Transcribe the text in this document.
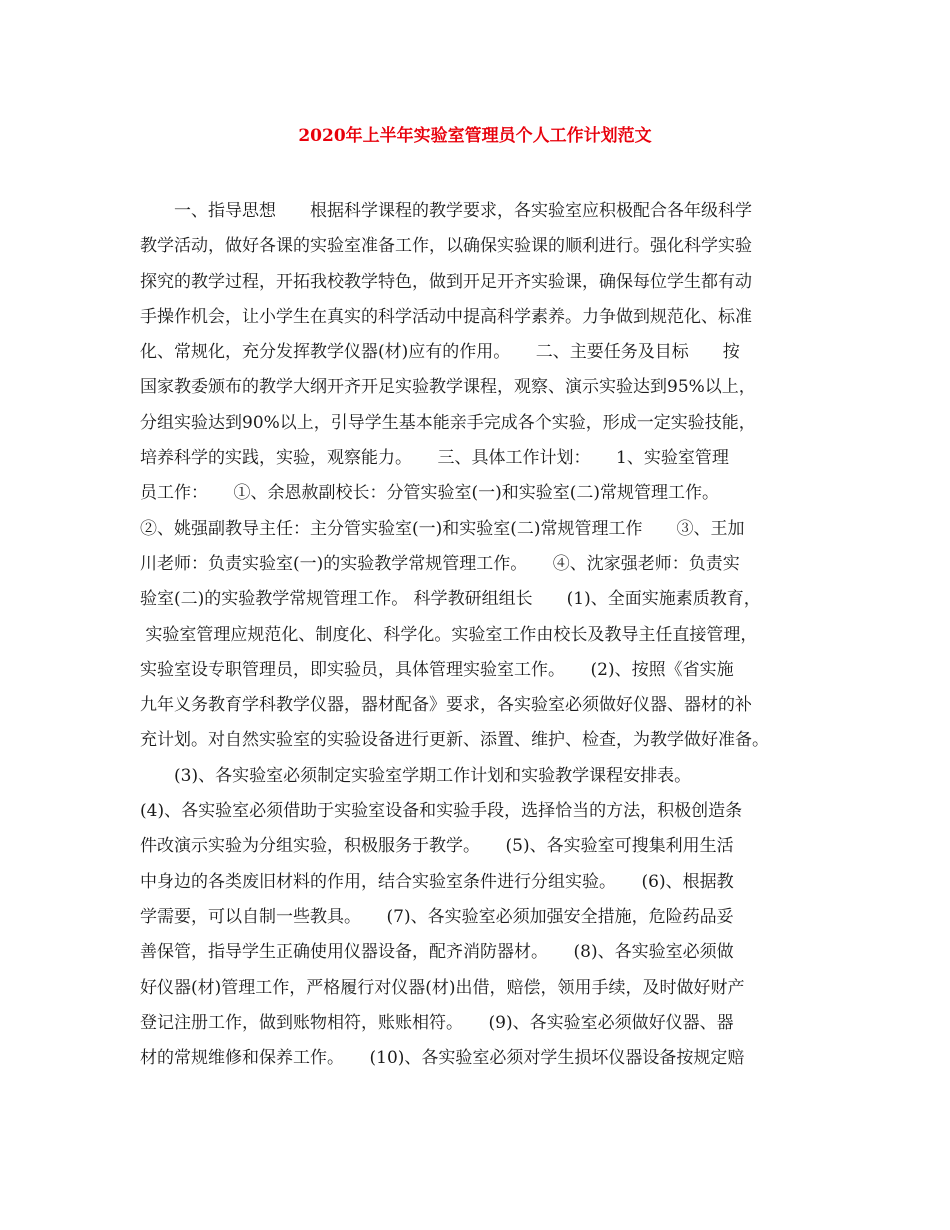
2020年上半年实验室管理员个人工作计划范文
　　一、指导思想　　根据科学课程的教学要求，各实验室应积极配合各年级科学
教学活动，做好各课的实验室准备工作，以确保实验课的顺利进行。强化科学实验
探究的教学过程，开拓我校教学特色，做到开足开齐实验课，确保每位学生都有动
手操作机会，让小学生在真实的科学活动中提高科学素养。力争做到规范化、标准
化、常规化，充分发挥教学仪器(材)应有的作用。　　二、主要任务及目标　　按
国家教委颁布的教学大纲开齐开足实验教学课程，观察、演示实验达到95%以上，
分组实验达到90%以上，引导学生基本能亲手完成各个实验，形成一定实验技能，
培养科学的实践，实验，观察能力。　　三、具体工作计划：　　1、实验室管理
员工作：　　①、余恩赦副校长：分管实验室(一)和实验室(二)常规管理工作。
②、姚强副教导主任：主分管实验室(一)和实验室(二)常规管理工作　　③、王加
川老师：负责实验室(一)的实验教学常规管理工作。　　④、沈家强老师：负责实
验室(二)的实验教学常规管理工作。 科学教研组组长　　(1)、全面实施素质教育，
实验室管理应规范化、制度化、科学化。实验室工作由校长及教导主任直接管理，
实验室设专职管理员，即实验员，具体管理实验室工作。　　(2)、按照《省实施
九年义务教育学科教学仪器，器材配备》要求，各实验室必须做好仪器、器材的补
充计划。对自然实验室的实验设备进行更新、添置、维护、检查，为教学做好准备。
　　(3)、各实验室必须制定实验室学期工作计划和实验教学课程安排表。
(4)、各实验室必须借助于实验室设备和实验手段，选择恰当的方法，积极创造条
件改演示实验为分组实验，积极服务于教学。　　(5)、各实验室可搜集利用生活
中身边的各类废旧材料的作用，结合实验室条件进行分组实验。　　(6)、根据教
学需要，可以自制一些教具。　　(7)、各实验室必须加强安全措施，危险药品妥
善保管，指导学生正确使用仪器设备，配齐消防器材。　　(8)、各实验室必须做
好仪器(材)管理工作，严格履行对仪器(材)出借，赔偿，领用手续，及时做好财产
登记注册工作，做到账物相符，账账相符。　　(9)、各实验室必须做好仪器、器
材的常规维修和保养工作。　　(10)、各实验室必须对学生损坏仪器设备按规定赔
